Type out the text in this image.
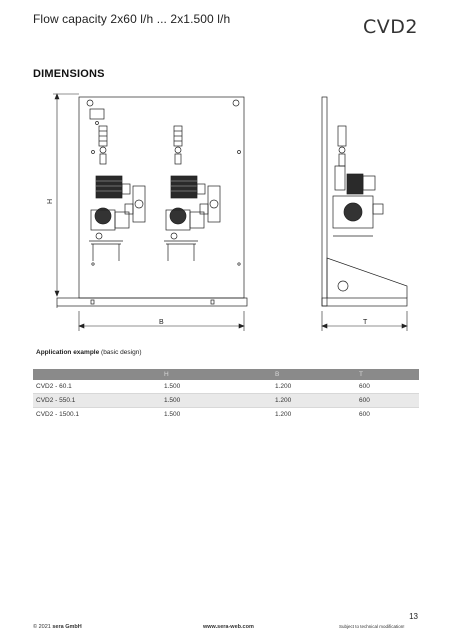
Flow capacity 2x60 l/h ... 2x1.500 l/h	CVD2
DIMENSIONS
H
B	T
Application example (basic design)
	H	B	T
CVD2 - 60.1	1.500	1.200	600
CVD2 - 550.1	1.500	1.200	600
CVD2 - 1500.1	1.500	1.200	600
13
© 2021 sera GmbH	www.sera-web.com	Subject to technical modification!
